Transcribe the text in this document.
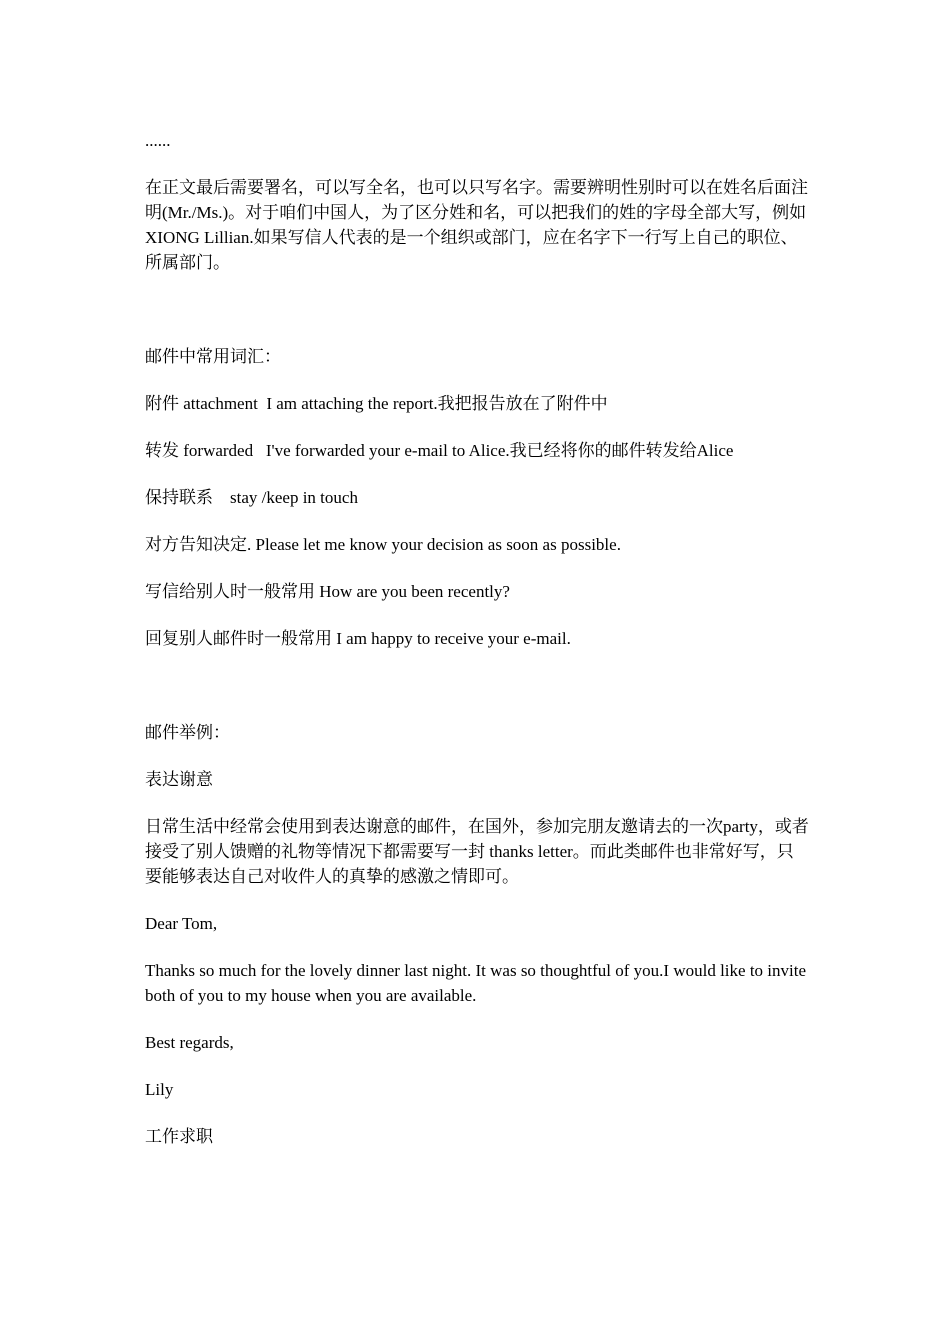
......

在正文最后需要署名，可以写全名，也可以只写名字。需要辨明性别时可以在姓名后面注明(Mr./Ms.)。对于咱们中国人，为了区分姓和名，可以把我们的姓的字母全部大写，例如 XIONG Lillian.如果写信人代表的是一个组织或部门，应在名字下一行写上自己的职位、所属部门。

邮件中常用词汇：

附件 attachment  I am attaching the report.我把报告放在了附件中

转发 forwarded   I've forwarded your e-mail to Alice.我已经将你的邮件转发给Alice

保持联系    stay /keep in touch

对方告知决定. Please let me know your decision as soon as possible.

写信给别人时一般常用 How are you been recently?

回复别人邮件时一般常用 I am happy to receive your e-mail.

邮件举例：

表达谢意

日常生活中经常会使用到表达谢意的邮件，在国外，参加完朋友邀请去的一次party，或者接受了别人馈赠的礼物等情况下都需要写一封 thanks letter。而此类邮件也非常好写，只要能够表达自己对收件人的真挚的感激之情即可。

Dear Tom,

Thanks so much for the lovely dinner last night. It was so thoughtful of you.I would like to invite both of you to my house when you are available.

Best regards,

Lily

工作求职
